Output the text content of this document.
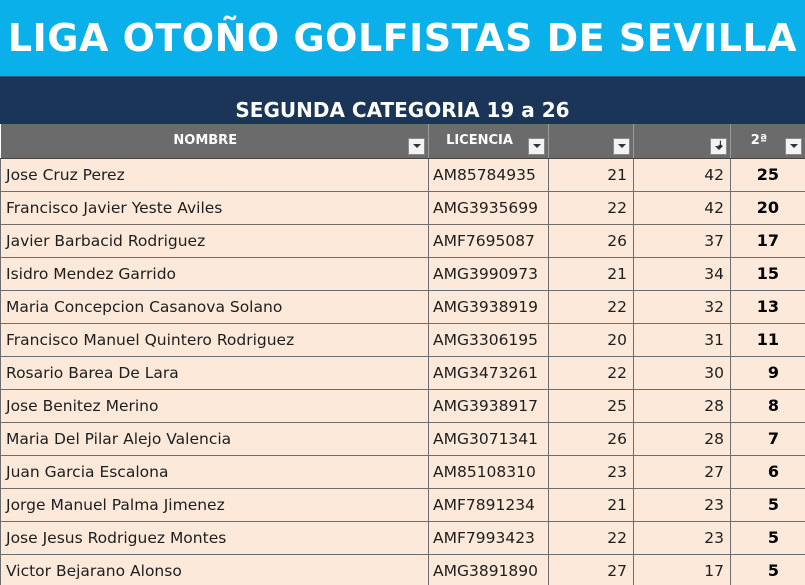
LIGA OTOÑO GOLFISTAS DE SEVILLA
SEGUNDA CATEGORIA 19 a 26
NOMBRE	LICENCIA		↓	2ª

Jose Cruz Perez	AM85784935	21	42	25
Francisco Javier Yeste Aviles	AMG3935699	22	42	20
Javier Barbacid Rodriguez	AMF7695087	26	37	17
Isidro Mendez Garrido	AMG3990973	21	34	15
Maria Concepcion Casanova Solano	AMG3938919	22	32	13
Francisco Manuel Quintero Rodriguez	AMG3306195	20	31	11
Rosario Barea De Lara	AMG3473261	22	30	9
Jose Benitez Merino	AMG3938917	25	28	8
Maria Del Pilar Alejo Valencia	AMG3071341	26	28	7
Juan Garcia Escalona	AM85108310	23	27	6
Jorge Manuel Palma Jimenez	AMF7891234	21	23	5
Jose Jesus Rodriguez Montes	AMF7993423	22	23	5
Victor Bejarano Alonso	AMG3891890	27	17	5
